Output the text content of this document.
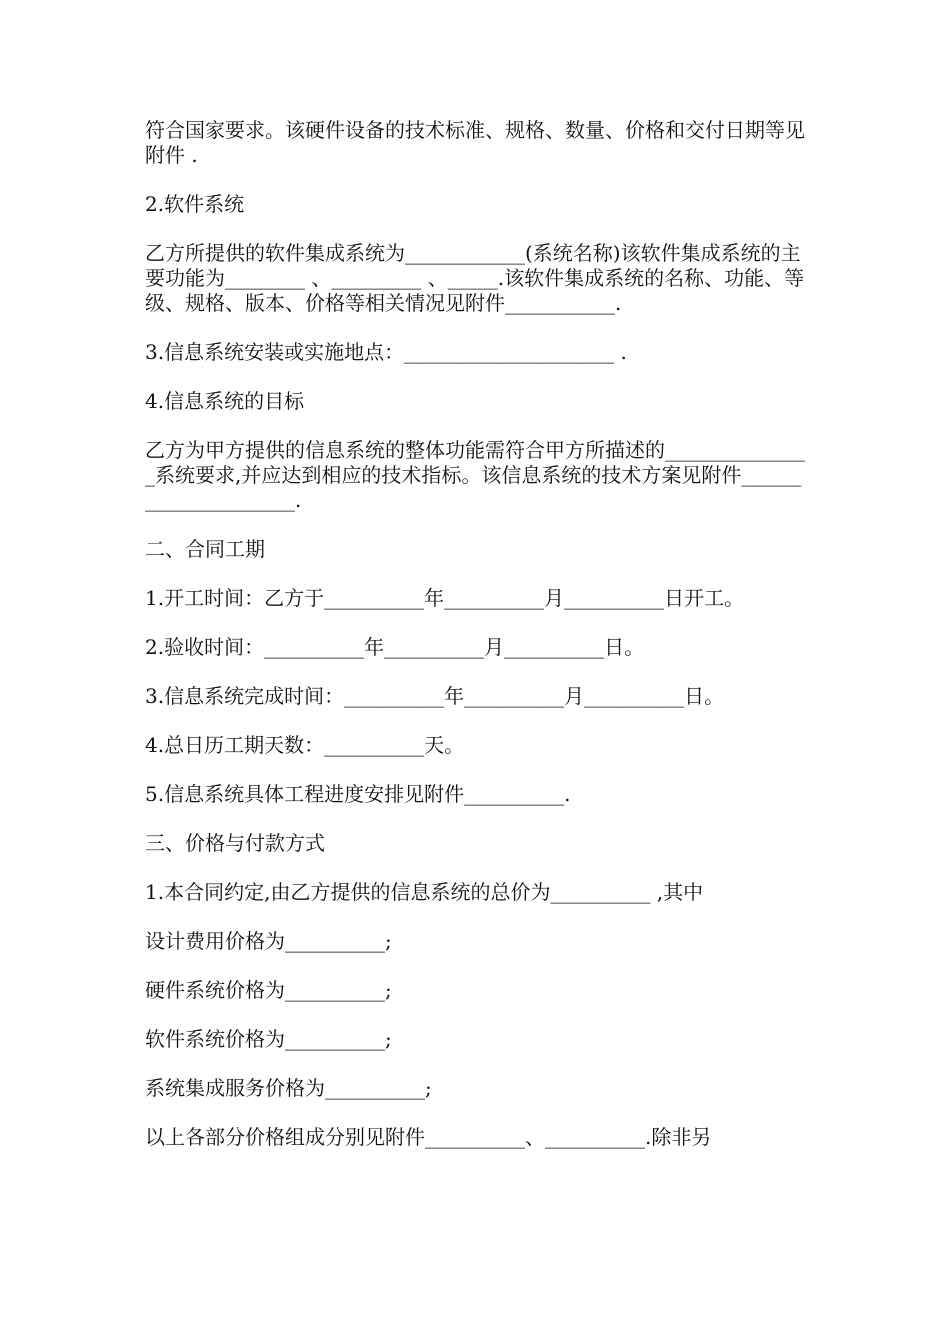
符合国家要求。该硬件设备的技术标准、规格、数量、价格和交付日期等见附件 .

2.软件系统

乙方所提供的软件集成系统为____________(系统名称)该软件集成系统的主要功能为________ 、_________ 、_____.该软件集成系统的名称、功能、等级、规格、版本、价格等相关情况见附件___________.

3.信息系统安装或实施地点：_____________________ .

4.信息系统的目标

乙方为甲方提供的信息系统的整体功能需符合甲方所描述的_______________系统要求,并应达到相应的技术指标。该信息系统的技术方案见附件_____________________.

二、合同工期

1.开工时间：乙方于__________年__________月__________日开工。

2.验收时间：__________年__________月__________日。

3.信息系统完成时间：__________年__________月__________日。

4.总日历工期天数：__________天。

5.信息系统具体工程进度安排见附件__________.

三、价格与付款方式

1.本合同约定,由乙方提供的信息系统的总价为__________ ,其中

设计费用价格为__________;

硬件系统价格为__________;

软件系统价格为__________;

系统集成服务价格为__________;

以上各部分价格组成分别见附件__________、__________.除非另
